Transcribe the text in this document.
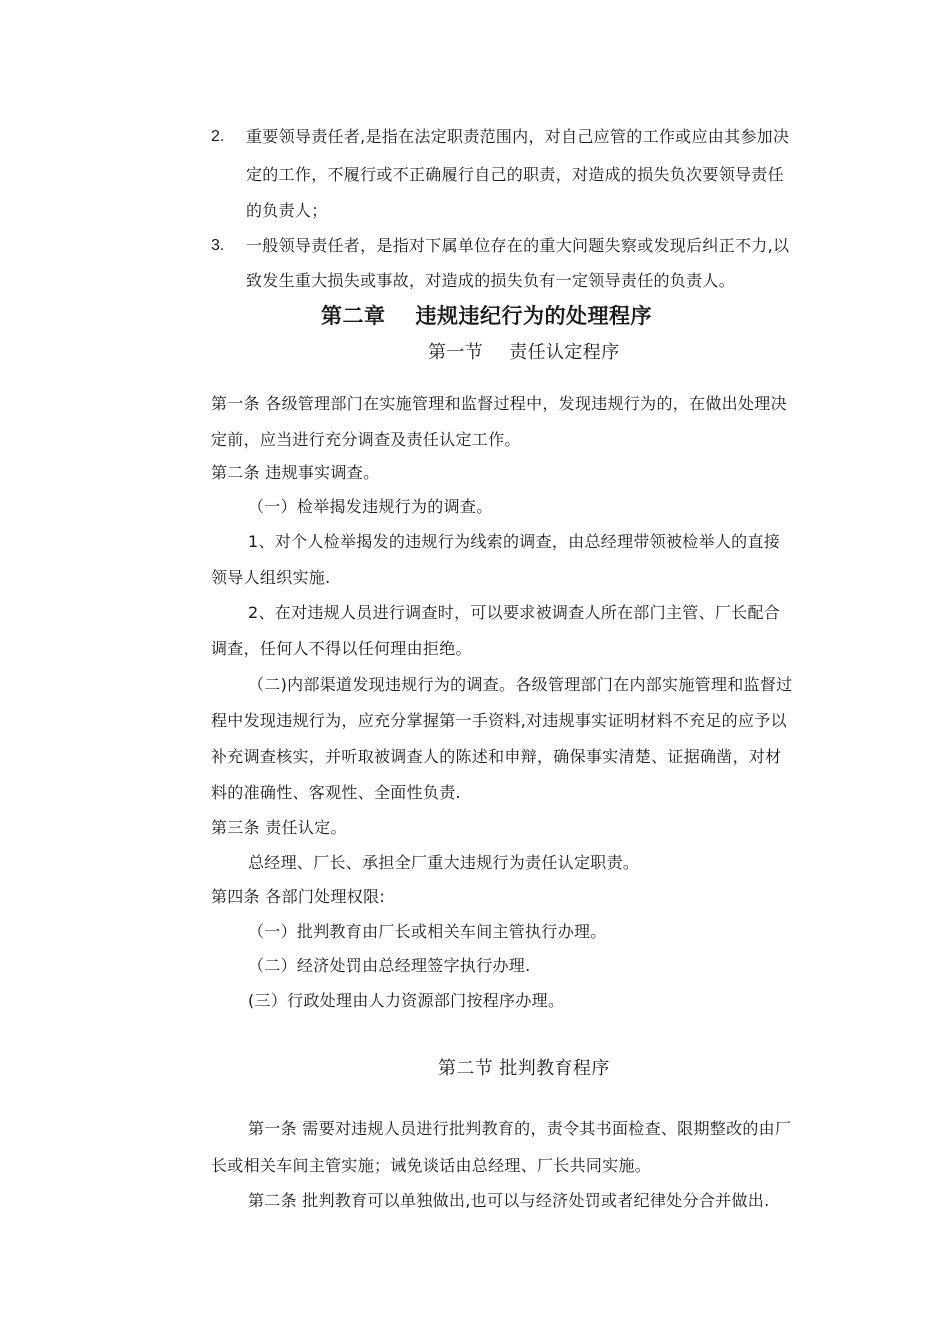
2. 重要领导责任者,是指在法定职责范围内，对自己应管的工作或应由其参加决
定的工作，不履行或不正确履行自己的职责，对造成的损失负次要领导责任
的负责人；
3. 一般领导责任者，是指对下属单位存在的重大问题失察或发现后纠正不力,以
致发生重大损失或事故，对造成的损失负有一定领导责任的负责人。
第二章 违规违纪行为的处理程序
第一节 责任认定程序
第一条 各级管理部门在实施管理和监督过程中，发现违规行为的，在做出处理决
定前，应当进行充分调查及责任认定工作。
第二条 违规事实调查。
（一）检举揭发违规行为的调查。
1、对个人检举揭发的违规行为线索的调查，由总经理带领被检举人的直接
领导人组织实施.
2、在对违规人员进行调查时，可以要求被调查人所在部门主管、厂长配合
调查，任何人不得以任何理由拒绝。
（二)内部渠道发现违规行为的调查。各级管理部门在内部实施管理和监督过
程中发现违规行为，应充分掌握第一手资料,对违规事实证明材料不充足的应予以
补充调查核实，并听取被调查人的陈述和申辩，确保事实清楚、证据确凿，对材
料的准确性、客观性、全面性负责.
第三条 责任认定。
总经理、厂长、承担全厂重大违规行为责任认定职责。
第四条 各部门处理权限:
（一）批判教育由厂长或相关车间主管执行办理。
（二）经济处罚由总经理签字执行办理.
(三）行政处理由人力资源部门按程序办理。
第二节 批判教育程序
第一条 需要对违规人员进行批判教育的，责令其书面检查、限期整改的由厂
长或相关车间主管实施；诫免谈话由总经理、厂长共同实施。
第二条 批判教育可以单独做出,也可以与经济处罚或者纪律处分合并做出.
